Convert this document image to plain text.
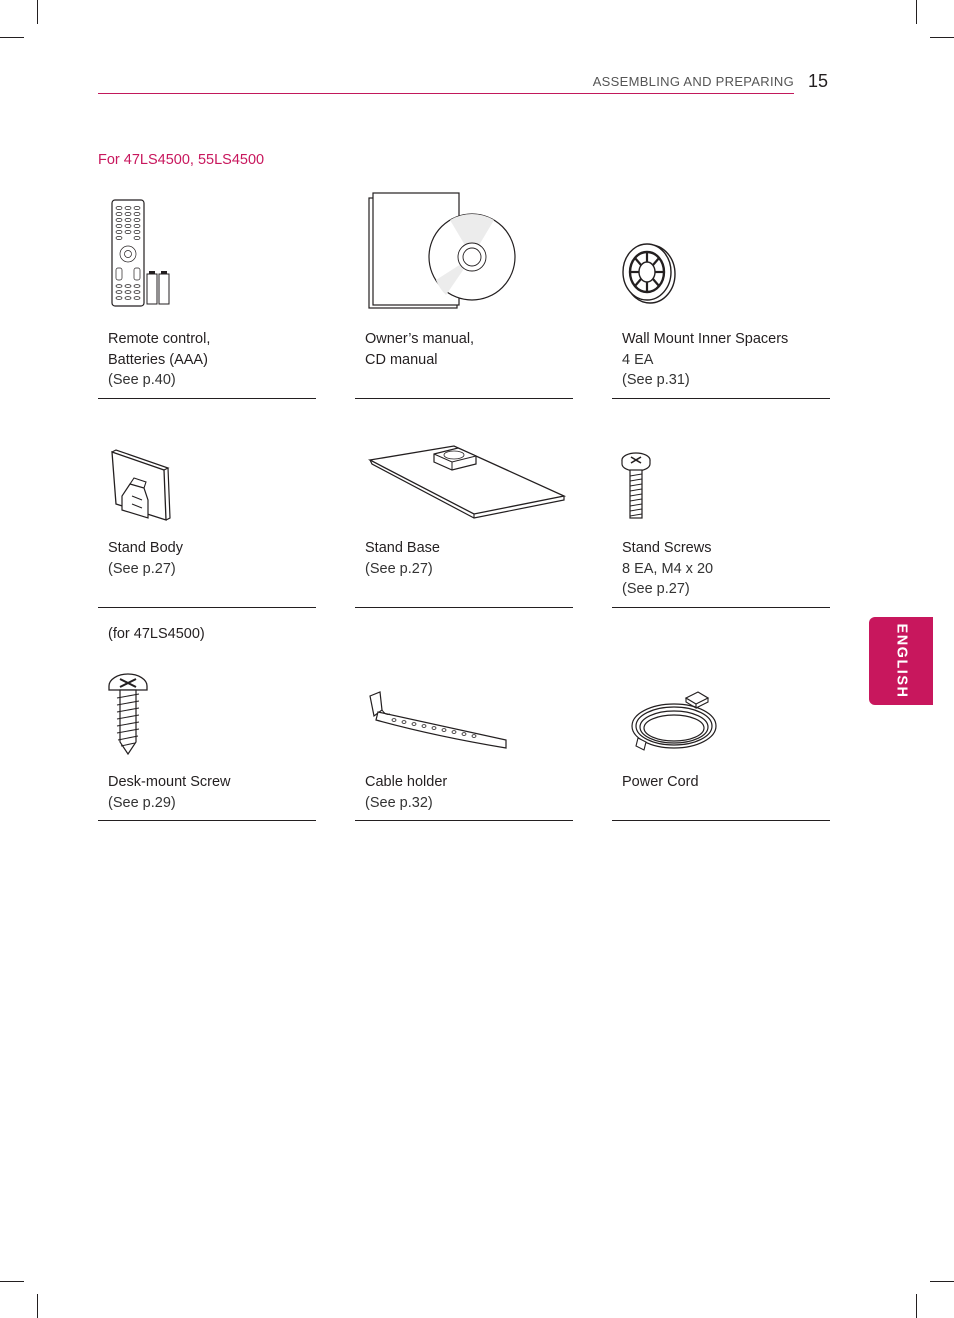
ASSEMBLING AND PREPARING 15
For 47LS4500, 55LS4500
ENGLISH
Remote control,
Batteries (AAA)
(See p.40)
Owner’s manual,
CD manual
Wall Mount Inner Spacers
4 EA
(See p.31)
Stand Body
(See p.27)
Stand Base
(See p.27)
Stand Screws
8 EA, M4 x 20
(See p.27)
(for 47LS4500)
Desk-mount Screw
(See p.29)
Cable holder
(See p.32)
Power Cord
